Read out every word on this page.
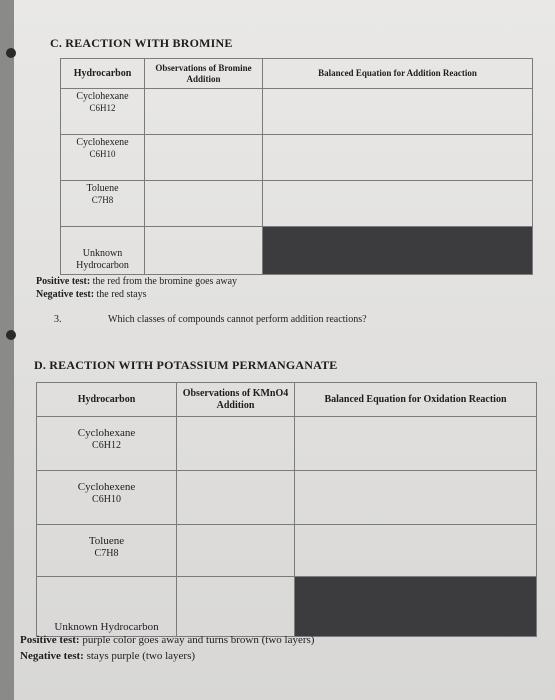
C. REACTION WITH BROMINE
Hydrocarbon	Observations of Bromine Addition	Balanced Equation for Addition Reaction

Cyclohexane
C6H12		

Cyclohexene
C6H10		

Toluene
C7H8		

Unknown Hydrocarbon		

Positive test: the red from the bromine goes away
Negative test: the red stays
3.	Which classes of compounds cannot perform addition reactions?
D. REACTION WITH POTASSIUM PERMANGANATE
Hydrocarbon	Observations of KMnO4 Addition	Balanced Equation for Oxidation Reaction

Cyclohexane
C6H12		

Cyclohexene
C6H10		

Toluene
C7H8		

Unknown Hydrocarbon		

Positive test: purple color goes away and turns brown (two layers)
Negative test: stays purple (two layers)
